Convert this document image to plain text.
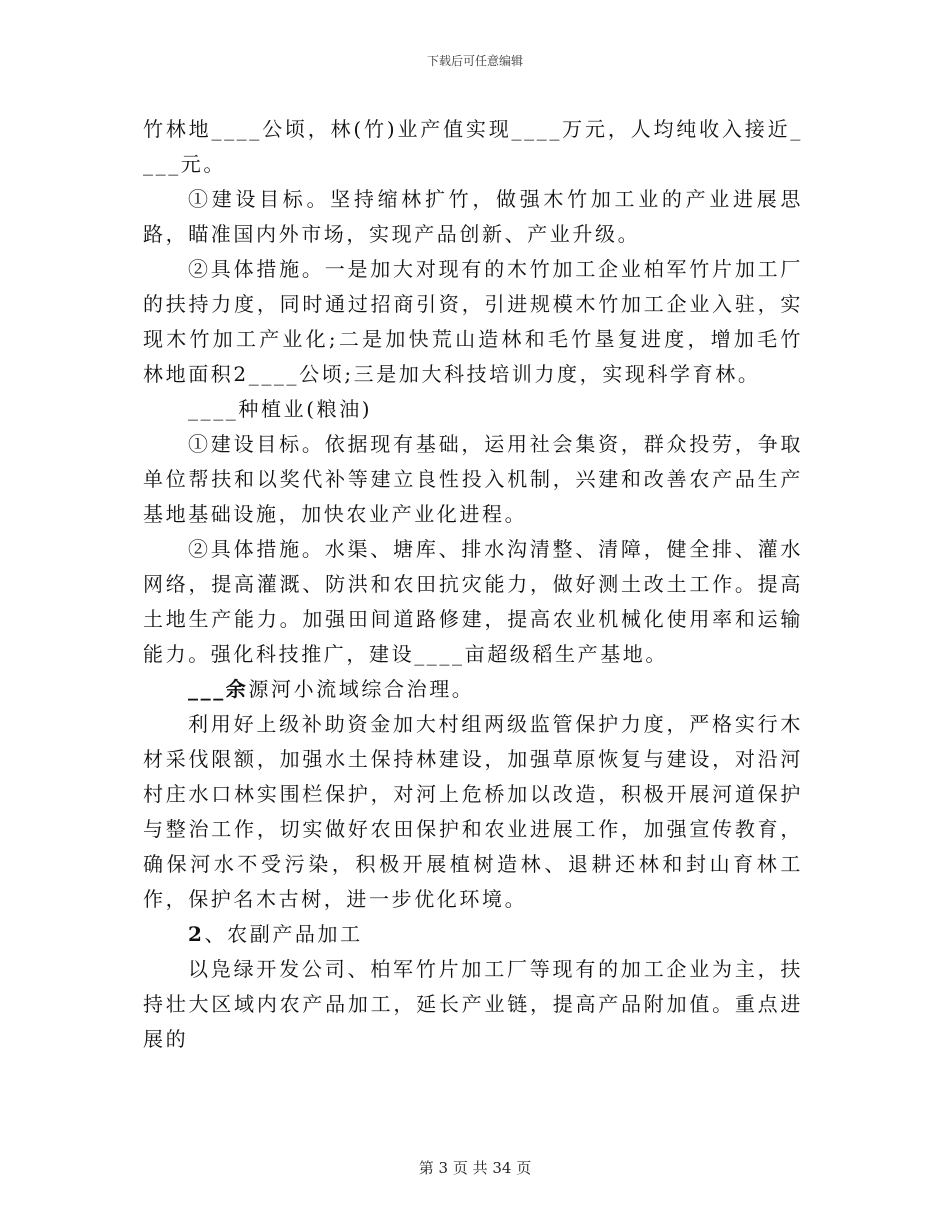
下载后可任意编辑

竹林地____公顷，林(竹)业产值实现____万元，人均纯收入接近____元。

①建设目标。坚持缩林扩竹，做强木竹加工业的产业进展思路，瞄准国内外市场，实现产品创新、产业升级。

②具体措施。一是加大对现有的木竹加工企业柏军竹片加工厂的扶持力度，同时通过招商引资，引进规模木竹加工企业入驻，实现木竹加工产业化;二是加快荒山造林和毛竹垦复进度，增加毛竹林地面积2____公顷;三是加大科技培训力度，实现科学育林。

____种植业(粮油)

①建设目标。依据现有基础，运用社会集资，群众投劳，争取单位帮扶和以奖代补等建立良性投入机制，兴建和改善农产品生产基地基础设施，加快农业产业化进程。

②具体措施。水渠、塘库、排水沟清整、清障，健全排、灌水网络，提高灌溉、防洪和农田抗灾能力，做好测土改土工作。提高土地生产能力。加强田间道路修建，提高农业机械化使用率和运输能力。强化科技推广，建设____亩超级稻生产基地。

___余源河小流域综合治理。

利用好上级补助资金加大村组两级监管保护力度，严格实行木材采伐限额，加强水土保持林建设，加强草原恢复与建设，对沿河村庄水口林实围栏保护，对河上危桥加以改造，积极开展河道保护与整治工作，切实做好农田保护和农业进展工作，加强宣传教育，确保河水不受污染，积极开展植树造林、退耕还林和封山育林工作，保护名木古树，进一步优化环境。

2、农副产品加工

以凫绿开发公司、柏军竹片加工厂等现有的加工企业为主，扶持壮大区域内农产品加工，延长产业链，提高产品附加值。重点进展的

第 3 页 共 34 页
